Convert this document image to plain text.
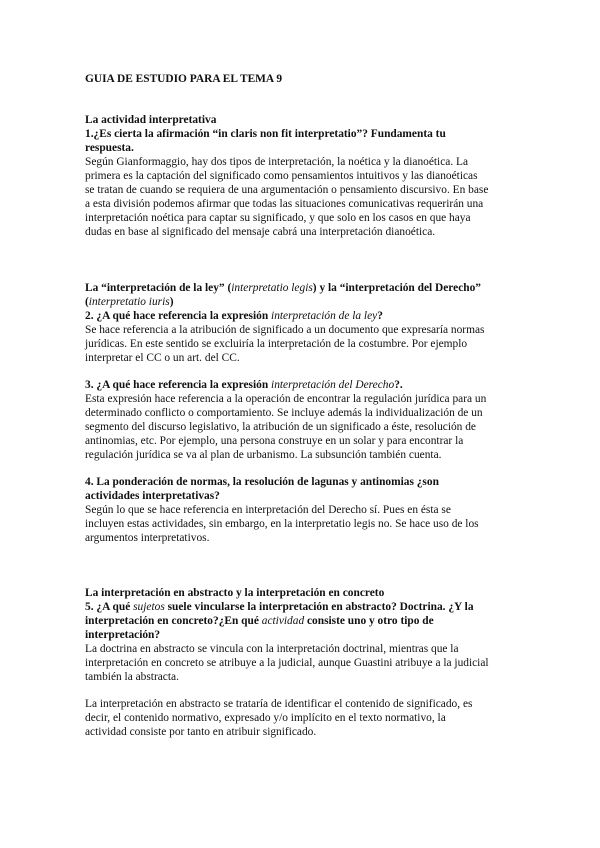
GUIA DE ESTUDIO PARA EL TEMA 9
La actividad interpretativa
1.¿Es cierta la afirmación “in claris non fit interpretatio”? Fundamenta tu
respuesta.
Según Gianformaggio, hay dos tipos de interpretación, la noética y la dianoética. La
primera es la captación del significado como pensamientos intuitivos y las dianoéticas
se tratan de cuando se requiera de una argumentación o pensamiento discursivo. En base
a esta división podemos afirmar que todas las situaciones comunicativas requerirán una
interpretación noética para captar su significado, y que solo en los casos en que haya
dudas en base al significado del mensaje cabrá una interpretación dianoética.
La “interpretación de la ley” (interpretatio legis) y la “interpretación del Derecho”
(interpretatio iuris)
2. ¿A qué hace referencia la expresión interpretación de la ley?
Se hace referencia a la atribución de significado a un documento que expresaría normas
jurídicas. En este sentido se excluiría la interpretación de la costumbre. Por ejemplo
interpretar el CC o un art. del CC.
3. ¿A qué hace referencia la expresión interpretación del Derecho?.
Esta expresión hace referencia a la operación de encontrar la regulación jurídica para un
determinado conflicto o comportamiento. Se incluye además la individualización de un
segmento del discurso legislativo, la atribución de un significado a éste, resolución de
antinomias, etc. Por ejemplo, una persona construye en un solar y para encontrar la
regulación jurídica se va al plan de urbanismo. La subsunción también cuenta.
4. La ponderación de normas, la resolución de lagunas y antinomias ¿son
actividades interpretativas?
Según lo que se hace referencia en interpretación del Derecho sí. Pues en ésta se
incluyen estas actividades, sin embargo, en la interpretatio legis no. Se hace uso de los
argumentos interpretativos.
La interpretación en abstracto y la interpretación en concreto
5. ¿A qué sujetos suele vincularse la interpretación en abstracto? Doctrina. ¿Y la
interpretación en concreto?¿En qué actividad consiste uno y otro tipo de
interpretación?
La doctrina en abstracto se vincula con la interpretación doctrinal, mientras que la
interpretación en concreto se atribuye a la judicial, aunque Guastini atribuye a la judicial
también la abstracta.
La interpretación en abstracto se trataría de identificar el contenido de significado, es
decir, el contenido normativo, expresado y/o implícito en el texto normativo, la
actividad consiste por tanto en atribuir significado.
